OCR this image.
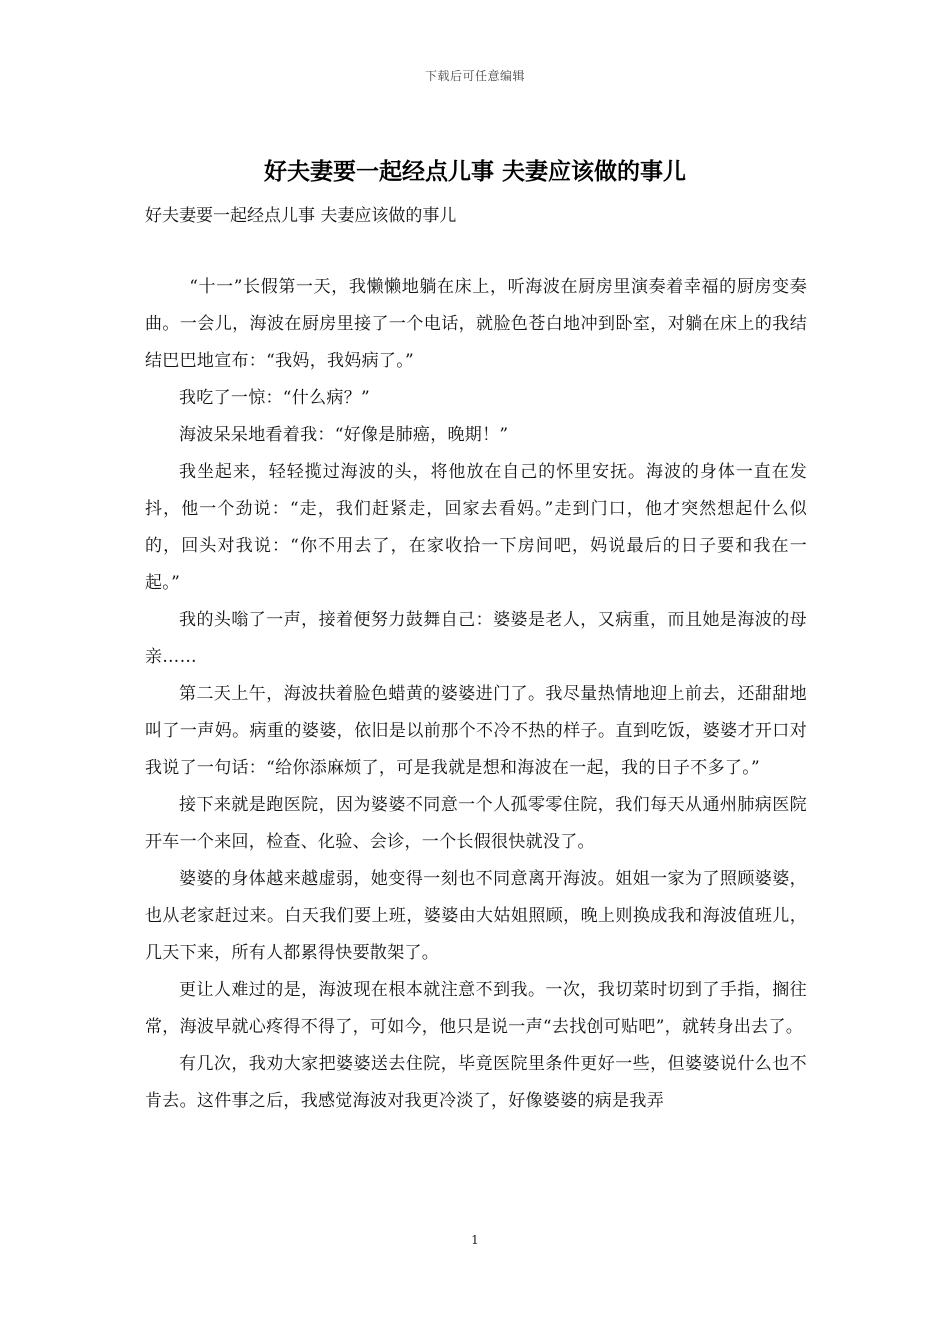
下载后可任意编辑
好夫妻要一起经点儿事 夫妻应该做的事儿

好夫妻要一起经点儿事 夫妻应该做的事儿

“十一”长假第一天，我懒懒地躺在床上，听海波在厨房里演奏着幸福的厨房变奏曲。一会儿，海波在厨房里接了一个电话，就脸色苍白地冲到卧室，对躺在床上的我结结巴巴地宣布：“我妈，我妈病了。”

我吃了一惊：“什么病？”

海波呆呆地看着我：“好像是肺癌，晚期！”

我坐起来，轻轻揽过海波的头，将他放在自己的怀里安抚。海波的身体一直在发抖，他一个劲说：“走，我们赶紧走，回家去看妈。”走到门口，他才突然想起什么似的，回头对我说：“你不用去了，在家收拾一下房间吧，妈说最后的日子要和我在一起。”

我的头嗡了一声，接着便努力鼓舞自己：婆婆是老人，又病重，而且她是海波的母亲……

第二天上午，海波扶着脸色蜡黄的婆婆进门了。我尽量热情地迎上前去，还甜甜地叫了一声妈。病重的婆婆，依旧是以前那个不冷不热的样子。直到吃饭，婆婆才开口对我说了一句话：“给你添麻烦了，可是我就是想和海波在一起，我的日子不多了。”

接下来就是跑医院，因为婆婆不同意一个人孤零零住院，我们每天从通州肺病医院开车一个来回，检查、化验、会诊，一个长假很快就没了。

婆婆的身体越来越虚弱，她变得一刻也不同意离开海波。姐姐一家为了照顾婆婆，也从老家赶过来。白天我们要上班，婆婆由大姑姐照顾，晚上则换成我和海波值班儿，几天下来，所有人都累得快要散架了。

更让人难过的是，海波现在根本就注意不到我。一次，我切菜时切到了手指，搁往常，海波早就心疼得不得了，可如今，他只是说一声“去找创可贴吧”，就转身出去了。

有几次，我劝大家把婆婆送去住院，毕竟医院里条件更好一些，但婆婆说什么也不肯去。这件事之后，我感觉海波对我更冷淡了，好像婆婆的病是我弄

1
